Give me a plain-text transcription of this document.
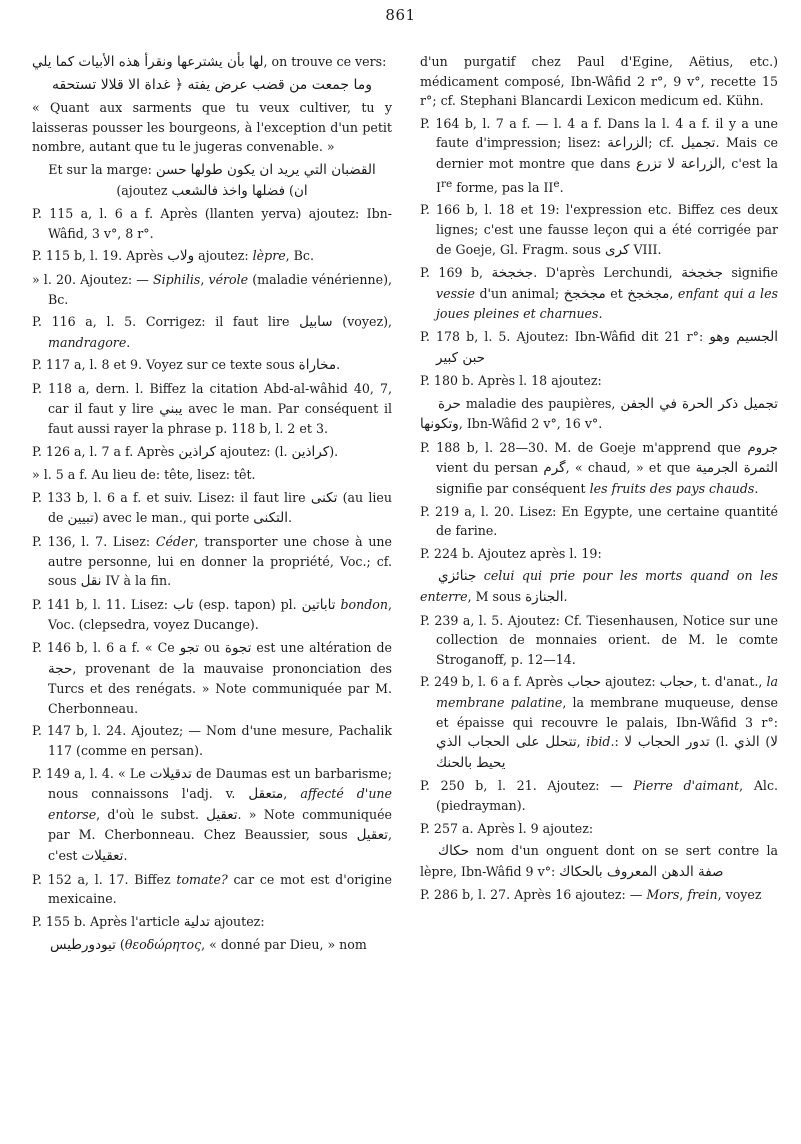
861
لها بأن يشترعها ونقرأ هذه الأبيات كما يلي, on trouve ce vers:
وما جمعت من قضب عرض يفته ﴿ غداة الا قلالا تستحقه
« Quant aux sarments que tu veux cultiver, tu y laisseras pousser les bourgeons, à l'exception d'un petit nombre, autant que tu le jugeras convenable. »
Et sur la marge:	القضبان التي يريد ان يكون طولها حسن (ajoutez	ان) فضلها واخذ فالشعب
P. 115 a, l. 6 a f. Après (llanten yerva) ajoutez: Ibn-Wâfid, 3 v°, 8 r°.
P. 115 b, l. 19. Après ولاب ajoutez: lèpre, Bc.
» l. 20. Ajoutez: — Siphilis, vérole (maladie vénérienne), Bc.
P. 116 a, l. 5. Corrigez: il faut lire سابيل (voyez), mandragore.
P. 117 a, l. 8 et 9. Voyez sur ce texte sous مخاراة.
P. 118 a, dern. l. Biffez la citation Abd-al-wâhid 40, 7, car il faut y lire يبني avec le man. Par conséquent il faut aussi rayer la phrase p. 118 b, l. 2 et 3.
P. 126 a, l. 7 a f. Après كراذين ajoutez: (l. كراذين).
» l. 5 a f. Au lieu de: tête, lisez: têt.
P. 133 b, l. 6 a f. et suiv. Lisez: il faut lire تكنى (au lieu de تبيين) avec le man., qui porte التكنى.
P. 136, l. 7. Lisez: Céder, transporter une chose à une autre personne, lui en donner la propriété, Voc.; cf. sous نقل IV à la fin.
P. 141 b, l. 11. Lisez: تاب (esp. tapon) pl. تاباتين bondon, Voc. (clepsedra, voyez Ducange).
P. 146 b, l. 6 a f. « Ce تجو ou تجوة est une altération de حجة, provenant de la mauvaise prononciation des Turcs et des renégats. » Note communiquée par M. Cherbonneau.
P. 147 b, l. 24. Ajoutez; — Nom d'une mesure, Pachalik 117 (comme en persan).
P. 149 a, l. 4. « Le تدقيلات de Daumas est un barbarisme; nous connaissons l'adj. v. متعقل, affecté d'une entorse, d'où le subst. تعقيل. » Note communiquée par M. Cherbonneau. Chez Beaussier, sous تعقيل, c'est تعقيلات.
P. 152 a, l. 17. Biffez tomate? car ce mot est d'origine mexicaine.
P. 155 b. Après l'article تدلية ajoutez:
تيودورطيس (θεοδώρητος, « donné par Dieu, » nom
d'un purgatif chez Paul d'Egine, Aëtius, etc.) médicament composé, Ibn-Wâfid 2 r°, 9 v°, recette 15 r°; cf. Stephani Blancardi Lexicon medicum ed. Kühn.
P. 164 b, l. 7 a f. — l. 4 a f. Dans la l. 4 a f. il y a une faute d'impression; lisez: الزراعة; cf. تجميل. Mais ce dernier mot montre que dans	الزراعة لا تزرع	, c'est la Ire forme, pas la IIe.
P. 166 b, l. 18 et 19: l'expression etc. Biffez ces deux lignes; c'est une fausse leçon qui a été corrigée par de Goeje, Gl. Fragm. sous كرى VIII.
P. 169 b, جخجخة. D'après Lerchundi, جخجخة signifie vessie d'un animal; مجخجخ et مجخجخ, enfant qui a les joues pleines et charnues.
P. 178 b, l. 5. Ajoutez: Ibn-Wâfid dit 21 r°: الجسيم وهو حبن كبير
P. 180 b. Après l. 18 ajoutez:
حرة maladie des paupières,	تجميل ذكر الحرة في الجفن وتكونها, Ibn-Wâfid 2 v°, 16 v°.
P. 188 b, l. 28—30. M. de Goeje m'apprend que جروم vient du persan گرم, « chaud, » et que الثمرة الجرمية signifie par conséquent les fruits des pays chauds.
P. 219 a, l. 20. Lisez: En Egypte, une certaine quantité de farine.
P. 224 b. Ajoutez après l. 19:
جنائزي celui qui prie pour les morts quand on les enterre, M sous الجنازة.
P. 239 a, l. 5. Ajoutez: Cf. Tiesenhausen, Notice sur une collection de monnaies orient. de M. le comte Stroganoff, p. 12—14.
P. 249 b, l. 6 a f. Après حجاب ajoutez: حجاب, t. d'anat., la membrane palatine, la membrane muqueuse, dense et épaisse qui recouvre le palais, Ibn-Wâfid 3 r°: تتحلل على الحجاب الذي, ibid.: تدور الحجاب لا	(l.	لا) الذي يحيط بالحنك
P. 250 b, l. 21. Ajoutez: — Pierre d'aimant, Alc. (piedrayman).
P. 257 a. Après l. 9 ajoutez:
حكاك nom d'un onguent dont on se sert contre la lèpre, Ibn-Wâfid 9 v°: صفة الدهن المعروف بالحكاك
P. 286 b, l. 27. Après 16 ajoutez: — Mors, frein, voyez
